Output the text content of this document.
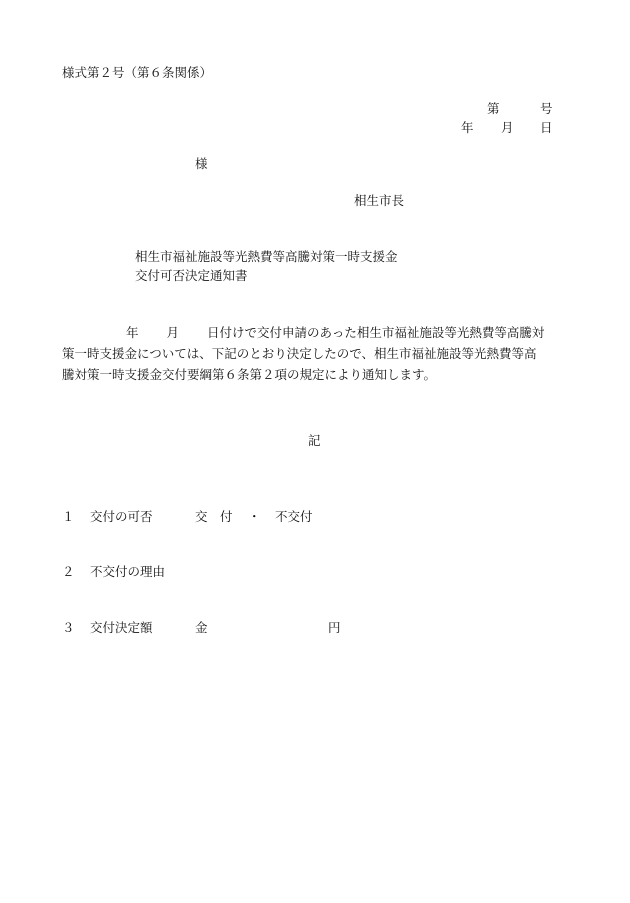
様式第２号（第６条関係）
第	号
年 月 日
様
相生市長
相生市福祉施設等光熱費等高騰対策一時支援金
交付可否決定通知書
年 月 日付けで交付申請のあった相生市福祉施設等光熱費等高騰対
策一時支援金については、下記のとおり決定したので、相生市福祉施設等光熱費等高
騰対策一時支援金交付要綱第６条第２項の規定により通知します。
記
１ 交付の可否	交　付 ・ 不交付
２ 不交付の理由
３ 交付決定額	金	円
